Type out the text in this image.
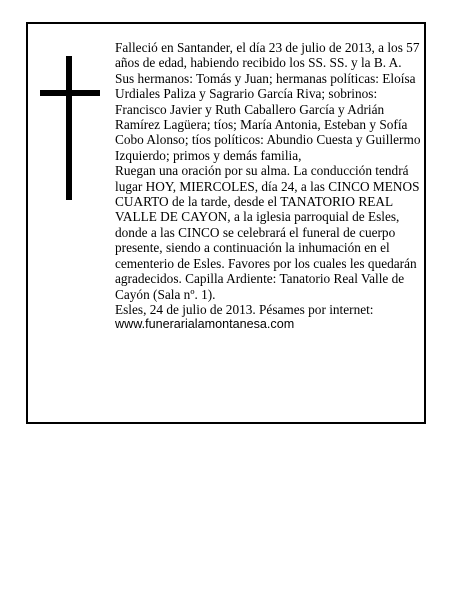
Falleció en Santander, el día 23 de julio de 2013, a los 57 años de edad, habiendo recibido los SS. SS. y la B. A.

Sus hermanos: Tomás y Juan; hermanas políticas: Eloísa Urdiales Paliza y Sagrario García Riva; sobrinos: Francisco Javier y Ruth Caballero García y Adrián Ramírez Lagüera; tíos; María Antonia, Esteban y Sofía Cobo Alonso; tíos políticos: Abundio Cuesta y Guillermo Izquierdo; primos y demás familia,

Ruegan una oración por su alma. La conducción tendrá lugar HOY, MIERCOLES, día 24, a las CINCO MENOS CUARTO de la tarde, desde el TANATORIO REAL VALLE DE CAYON, a la iglesia parroquial de Esles, donde a las CINCO se celebrará el funeral de cuerpo presente, siendo a continuación la inhumación en el cementerio de Esles. Favores por los cuales les quedarán agradecidos. Capilla Ardiente: Tanatorio Real Valle de Cayón (Sala nº. 1).

Esles, 24 de julio de 2013. Pésames por internet:

www.funerarialamontanesa.com
